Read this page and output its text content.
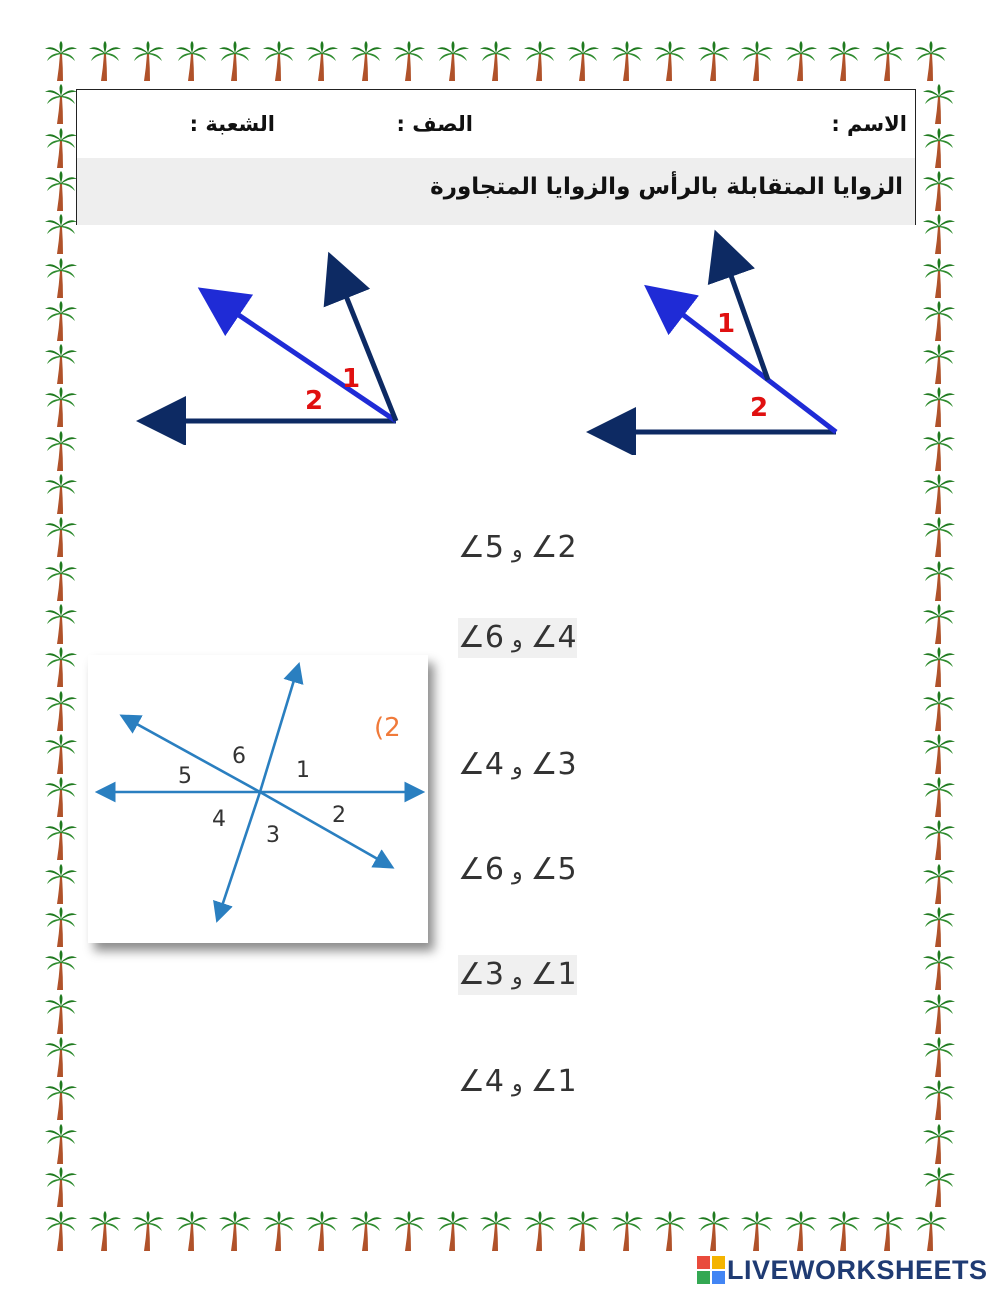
الاسم :
الصف :
الشعبة :
الزوايا المتقابلة بالرأس والزوايا المتجاورة
1
2
1
2
1
2
3
4
5
6
(2
∠5 و ∠2
∠6 و ∠4
∠4 و ∠3
∠6 و ∠5
∠3 و ∠1
∠4 و ∠1
LIVEWORKSHEETS
